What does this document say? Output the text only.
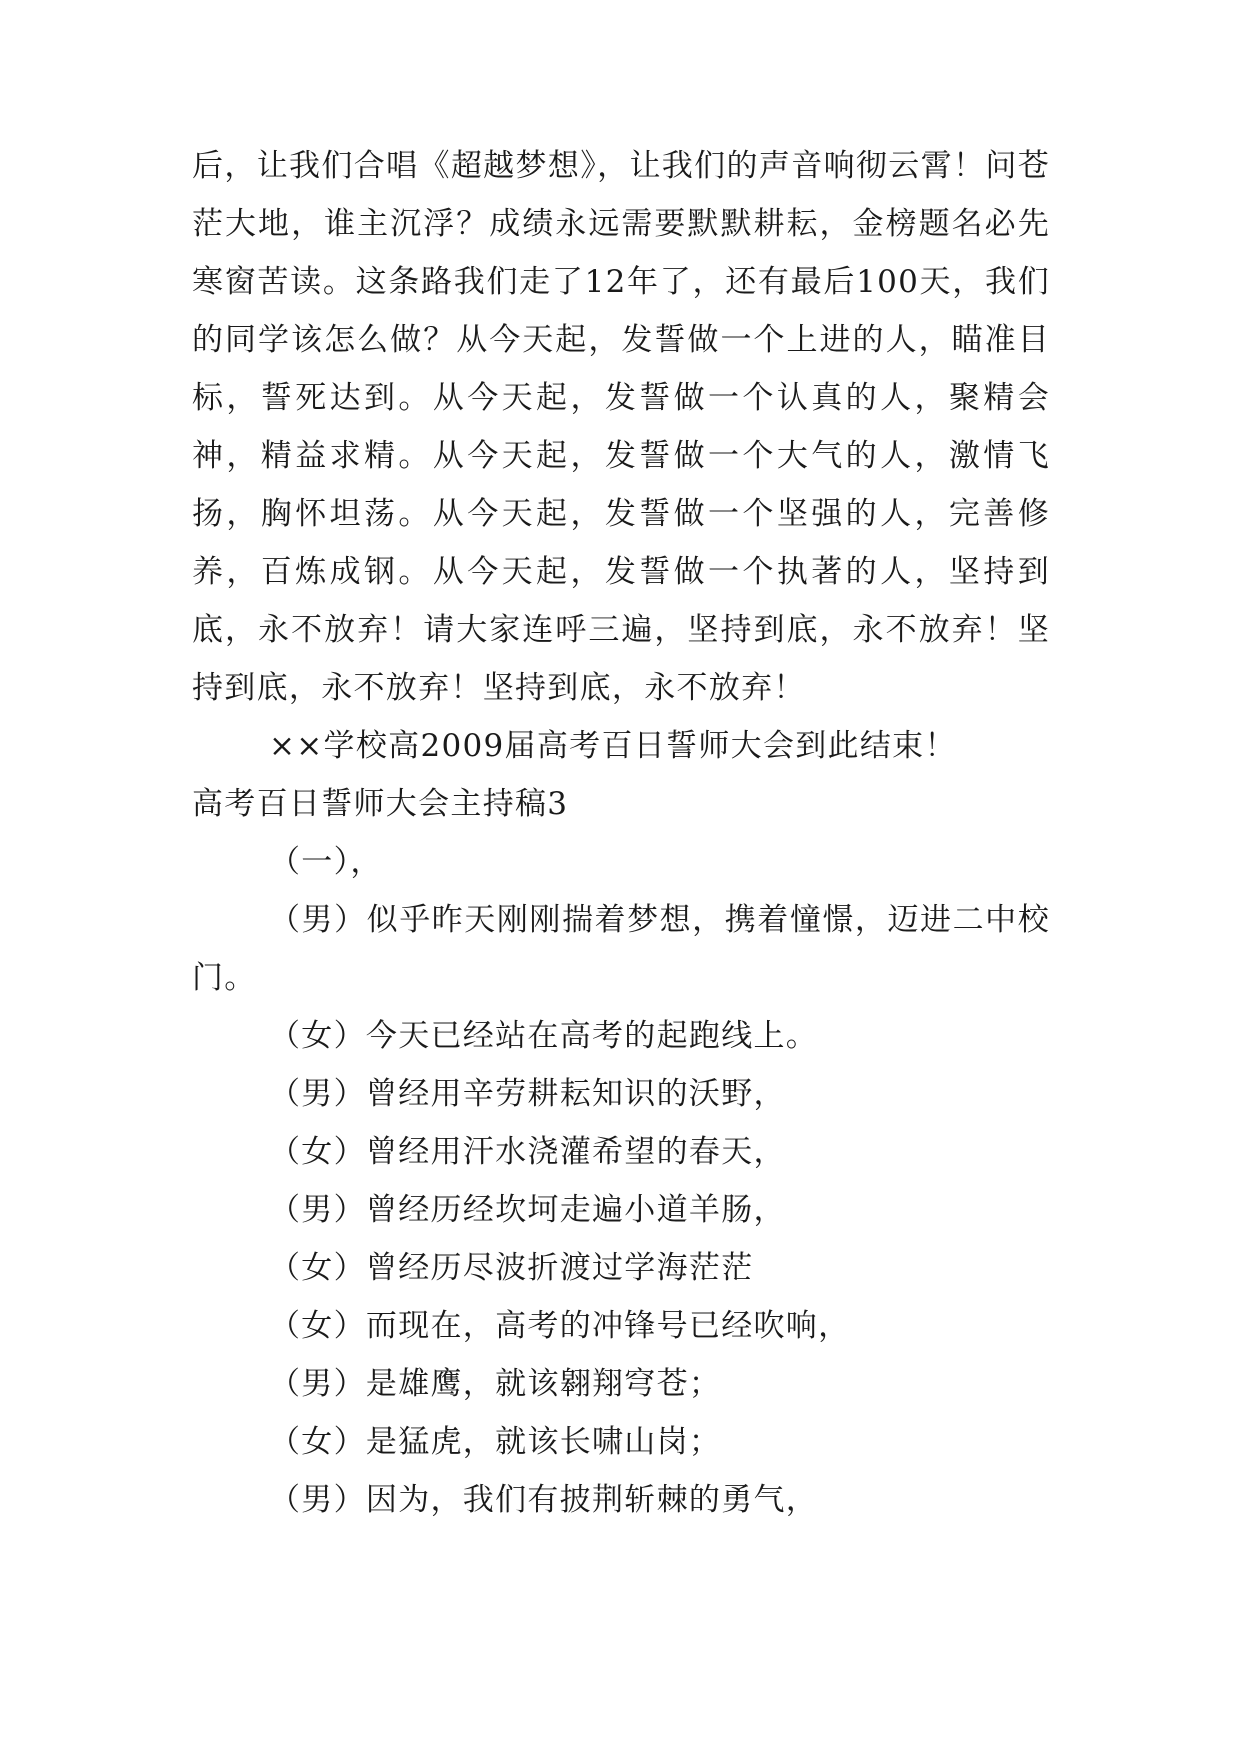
后，让我们合唱《超越梦想》，让我们的声音响彻云霄！问苍茫大地，谁主沉浮？成绩永远需要默默耕耘，金榜题名必先寒窗苦读。这条路我们走了12年了，还有最后100天，我们的同学该怎么做？从今天起，发誓做一个上进的人，瞄准目标，誓死达到。从今天起，发誓做一个认真的人，聚精会神，精益求精。从今天起，发誓做一个大气的人，激情飞扬，胸怀坦荡。从今天起，发誓做一个坚强的人，完善修养，百炼成钢。从今天起，发誓做一个执著的人，坚持到底，永不放弃！请大家连呼三遍，坚持到底，永不放弃！坚持到底，永不放弃！坚持到底，永不放弃！

××学校高2009届高考百日誓师大会到此结束！

高考百日誓师大会主持稿3

（一），

（男）似乎昨天刚刚揣着梦想，携着憧憬，迈进二中校门。

（女）今天已经站在高考的起跑线上。

（男）曾经用辛劳耕耘知识的沃野，

（女）曾经用汗水浇灌希望的春天，

（男）曾经历经坎坷走遍小道羊肠，

（女）曾经历尽波折渡过学海茫茫

（女）而现在，高考的冲锋号已经吹响，

（男）是雄鹰，就该翱翔穹苍；

（女）是猛虎，就该长啸山岗；

（男）因为，我们有披荆斩棘的勇气，
